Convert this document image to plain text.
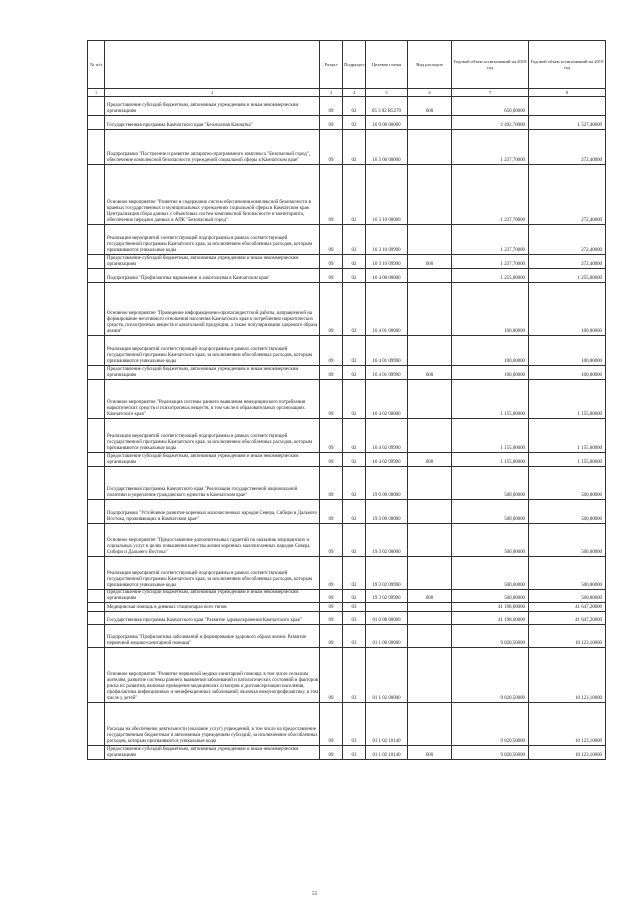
№ п/п		Раздел	Подраздел	Целевая статья	Вид расходов	Годовой объем ассигнований на 2018 год	Годовой объем ассигнований на 2019 год
1	2	3	4	5	6	7	8
	Предоставление субсидий бюджетным, автономным учреждениям и иным некоммерческим организациям	09	02	05 3 02 R5270	600	650,00000	
	Государственная программа Камчатского края "Безопасная Камчатка"	09	02	16 0 00 00000		2 492,70000	1 527,40000
	Подпрограмма "Построение и развитие аппаратно-программного комплекса "Безопасный город", обеспечение комплексной безопасности учреждений социальной сферы в Камчатском крае"	09	02	16 3 00 00000		1 237,70000	272,40000
	Основное мероприятие "Развитие и содержание систем обеспечения комплексной безопасности в краевых государственных и муниципальных учреждениях социальной сферы в Камчатском крае. Централизация сбора данных с объектовых систем комплексной безопасности и мониторинга, обеспечение передачи данных в АПК "Безопасный город"	09	02	16 3 10 00000		1 237,70000	272,40000
	Реализация мероприятий соответствующей подпрограммы в рамках соответствующей государственной программы Камчатского края, за исключением обособленных расходов, которым присваиваются уникальные коды	09	02	16 3 10 09990		1 237,70000	272,40000
	Предоставление субсидий бюджетным, автономным учреждениям и иным некоммерческим организациям	09	02	16 3 10 09990	600	1 237,70000	272,40000
	Подпрограмма "Профилактика наркомании и алкоголизма в Камчатском крае"	09	02	16 4 00 00000		1 255,00000	1 255,00000
	Основное мероприятие "Проведение информационно-пропагандистской работы, направленной на формирование негативного отношения населения Камчатского края к потреблению наркотических средств, психотропных веществ и алкогольной продукции, а также популяризацию здорового образа жизни"	09	02	16 4 01 00000		100,00000	100,00000
	Реализация мероприятий соответствующей подпрограммы в рамках соответствующей государственной программы Камчатского края, за исключением обособленных расходов, которым присваиваются уникальные коды	09	02	16 4 01 09990		100,00000	100,00000
	Предоставление субсидий бюджетным, автономным учреждениям и иным некоммерческим организациям	09	02	16 4 01 09990	600	100,00000	100,00000
	Основное мероприятие "Реализация системы раннего выявления немедицинского потребления наркотических средств и психотропных веществ, в том числе в образовательных организациях Камчатского края"	09	02	16 4 02 00000		1 155,00000	1 155,00000
	Реализация мероприятий соответствующей подпрограммы в рамках соответствующей государственной программы Камчатского края, за исключением обособленных расходов, которым присваиваются уникальные коды	09	02	16 4 02 09990		1 155,00000	1 155,00000
	Предоставление субсидий бюджетным, автономным учреждениям и иным некоммерческим организациям	09	02	16 4 02 09990	600	1 155,00000	1 155,00000
	Государственная программа Камчатского края "Реализация государственной национальной политики и укрепление гражданского единства в Камчатском крае"	09	02	19 0 00 00000		500,00000	500,00000
	Подпрограмма "Устойчивое развитие коренных малочисленных народов Севера, Сибири и Дальнего Востока, проживающих в Камчатском крае"	09	02	19 3 00 00000		500,00000	500,00000
	Основное мероприятие "Предоставление дополнительных гарантий по оказанию медицинских и социальных услуг в целях повышения качества жизни коренных малочисленных народов Севера, Сибири и Дальнего Востока"	09	02	19 3 02 00000		500,00000	500,00000
	Реализация мероприятий соответствующей подпрограммы в рамках соответствующей государственной программы Камчатского края, за исключением обособленных расходов, которым присваиваются уникальные коды	09	02	19 3 02 09990		500,00000	500,00000
	Предоставление субсидий бюджетным, автономным учреждениям и иным некоммерческим организациям	09	02	19 3 02 09990	600	500,00000	500,00000
	Медицинская помощь в дневных стационарах всех типов	09	03			41 198,60000	41 647,20000
	Государственная программа Камчатского края "Развитие здравоохранения Камчатского края"	09	03	01 0 00 00000		41 198,60000	41 647,20000
	Подпрограмма "Профилактика заболеваний и формирование здорового образа жизни. Развитие первичной медико-санитарной помощи"	09	03	01 1 00 00000		9 820,50000	10 123,10000
	Основное мероприятие "Развитие первичной медико-санитарной помощи, в том числе сельским жителям, развитие системы раннего выявления заболеваний и патологических состояний и факторов риска их развития, включая проведение медицинских осмотров и диспансеризации населения, профилактика инфекционных и неинфекционных заболеваний, включая иммунопрофилактику, в том числе у детей"	09	03	01 1 02 00000		9 820,50000	10 123,10000
	Расходы на обеспечение деятельности (оказание услуг) учреждений, в том числе на предоставление государственным бюджетным и автономным учреждениям субсидий, за исключением обособленных расходов, которым присваиваются уникальные коды	09	03	01 1 02 10140		9 820,50000	10 123,10000
	Предоставление субсидий бюджетным, автономным учреждениям и иным некоммерческим организациям	09	03	01 1 02 10140	600	9 820,50000	10 123,10000
55
